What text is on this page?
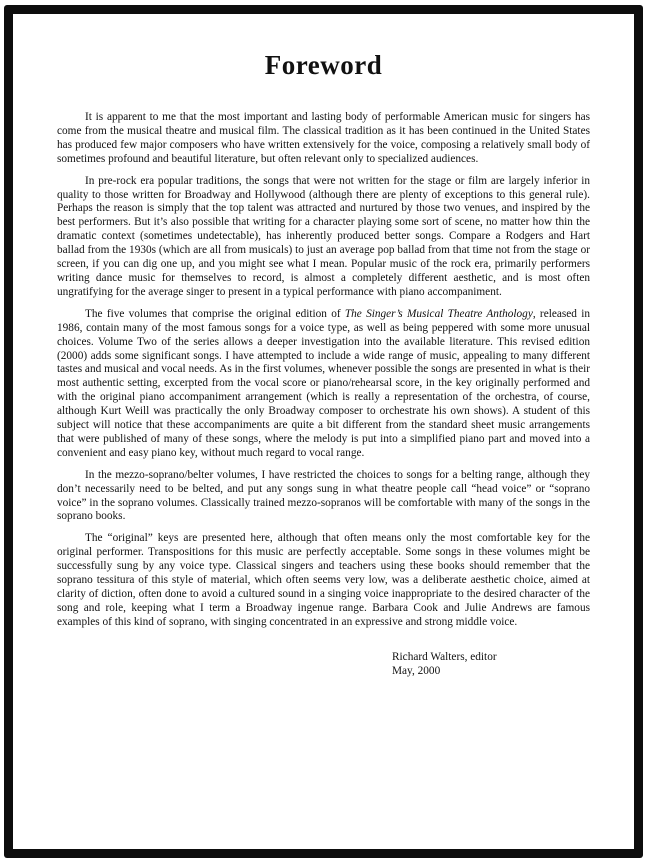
Foreword

It is apparent to me that the most important and lasting body of performable American music for singers has come from the musical theatre and musical film. The classical tradition as it has been continued in the United States has produced few major composers who have written extensively for the voice, composing a relatively small body of sometimes profound and beautiful literature, but often relevant only to specialized audiences.

In pre-rock era popular traditions, the songs that were not written for the stage or film are largely inferior in quality to those written for Broadway and Hollywood (although there are plenty of exceptions to this general rule). Perhaps the reason is simply that the top talent was attracted and nurtured by those two venues, and inspired by the best performers. But it’s also possible that writing for a character playing some sort of scene, no matter how thin the dramatic context (sometimes undetectable), has inherently produced better songs. Compare a Rodgers and Hart ballad from the 1930s (which are all from musicals) to just an average pop ballad from that time not from the stage or screen, if you can dig one up, and you might see what I mean. Popular music of the rock era, primarily performers writing dance music for themselves to record, is almost a completely different aesthetic, and is most often ungratifying for the average singer to present in a typical performance with piano accompaniment.

The five volumes that comprise the original edition of The Singer’s Musical Theatre Anthology, released in 1986, contain many of the most famous songs for a voice type, as well as being peppered with some more unusual choices. Volume Two of the series allows a deeper investigation into the available literature. This revised edition (2000) adds some significant songs. I have attempted to include a wide range of music, appealing to many different tastes and musical and vocal needs. As in the first volumes, whenever possible the songs are presented in what is their most authentic setting, excerpted from the vocal score or piano/rehearsal score, in the key originally performed and with the original piano accompaniment arrangement (which is really a representation of the orchestra, of course, although Kurt Weill was practically the only Broadway composer to orchestrate his own shows). A student of this subject will notice that these accompaniments are quite a bit different from the standard sheet music arrangements that were published of many of these songs, where the melody is put into a simplified piano part and moved into a convenient and easy piano key, without much regard to vocal range.

In the mezzo-soprano/belter volumes, I have restricted the choices to songs for a belting range, although they don’t necessarily need to be belted, and put any songs sung in what theatre people call “head voice” or “soprano voice” in the soprano volumes. Classically trained mezzo-sopranos will be comfortable with many of the songs in the soprano books.

The “original” keys are presented here, although that often means only the most comfortable key for the original performer. Transpositions for this music are perfectly acceptable. Some songs in these volumes might be successfully sung by any voice type. Classical singers and teachers using these books should remember that the soprano tessitura of this style of material, which often seems very low, was a deliberate aesthetic choice, aimed at clarity of diction, often done to avoid a cultured sound in a singing voice inappropriate to the desired character of the song and role, keeping what I term a Broadway ingenue range. Barbara Cook and Julie Andrews are famous examples of this kind of soprano, with singing concentrated in an expressive and strong middle voice.

Richard Walters, editor
May, 2000
